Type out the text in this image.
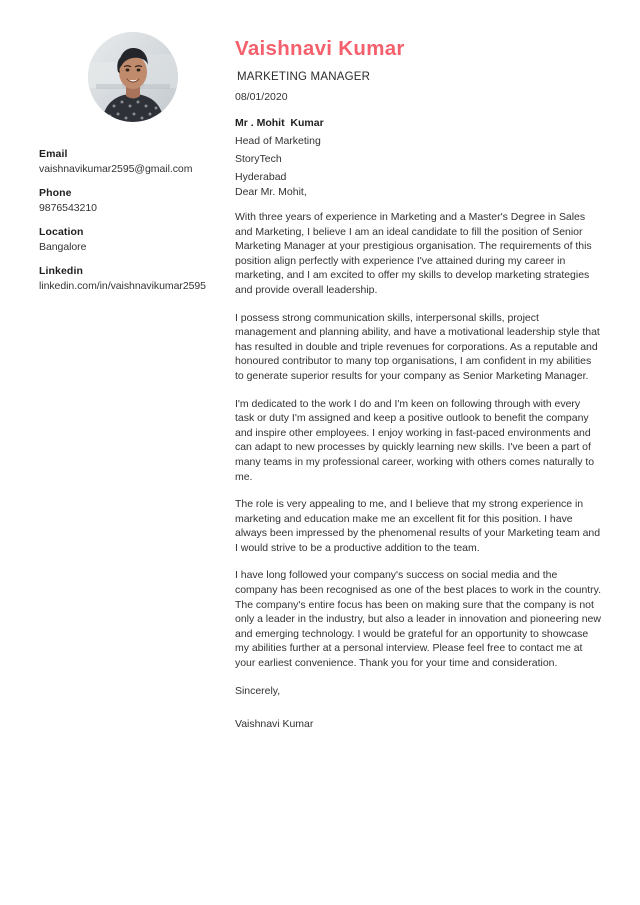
Email
vaishnavikumar2595@gmail.com
Phone
9876543210
Location
Bangalore
Linkedin
linkedin.com/in/vaishnavikumar2595
Vaishnavi Kumar
MARKETING MANAGER
08/01/2020
Mr . Mohit  Kumar
Head of Marketing
StoryTech
Hyderabad
Dear Mr. Mohit,

With three years of experience in Marketing and a Master's Degree in Sales and Marketing, I believe I am an ideal candidate to fill the position of Senior Marketing Manager at your prestigious organisation. The requirements of this position align perfectly with experience I've attained during my career in marketing, and I am excited to offer my skills to develop marketing strategies and provide overall leadership.

I possess strong communication skills, interpersonal skills, project management and planning ability, and have a motivational leadership style that has resulted in double and triple revenues for corporations. As a reputable and honoured contributor to many top organisations, I am confident in my abilities to generate superior results for your company as Senior Marketing Manager.

I'm dedicated to the work I do and I'm keen on following through with every task or duty I'm assigned and keep a positive outlook to benefit the company and inspire other employees. I enjoy working in fast-paced environments and can adapt to new processes by quickly learning new skills. I've been a part of many teams in my professional career, working with others comes naturally to me.

The role is very appealing to me, and I believe that my strong experience in marketing and education make me an excellent fit for this position. I have always been impressed by the phenomenal results of your Marketing team and I would strive to be a productive addition to the team.

I have long followed your company's success on social media and the company has been recognised as one of the best places to work in the country. The company's entire focus has been on making sure that the company is not only a leader in the industry, but also a leader in innovation and pioneering new and emerging technology. I would be grateful for an opportunity to showcase my abilities further at a personal interview. Please feel free to contact me at your earliest convenience. Thank you for your time and consideration.

Sincerely,

Vaishnavi Kumar
